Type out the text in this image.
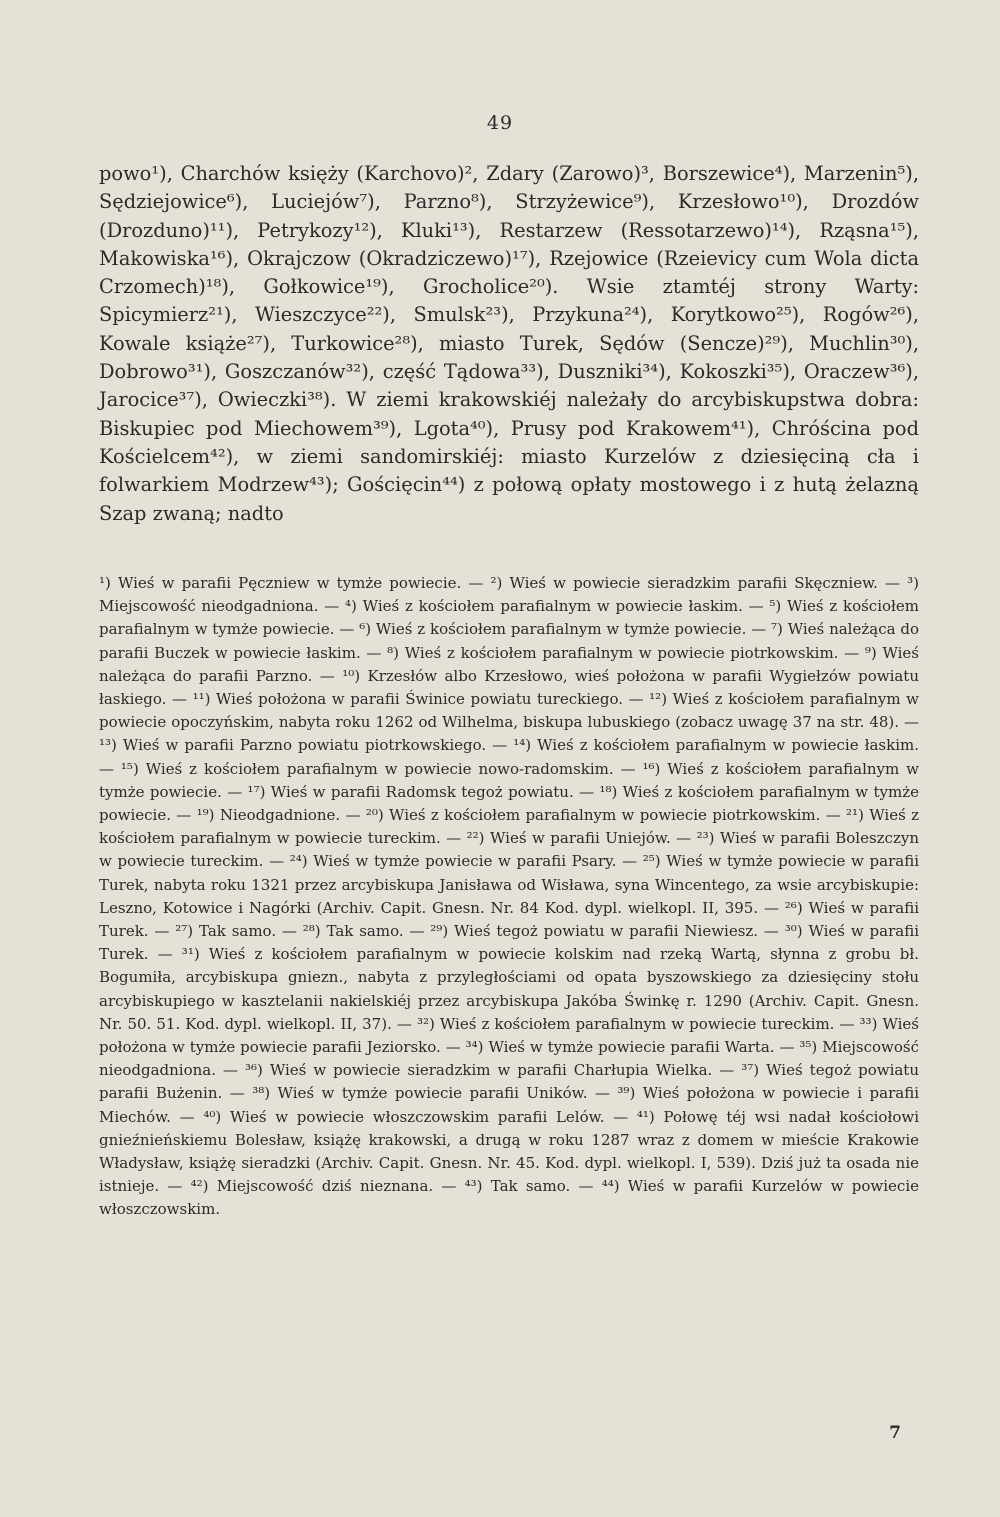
49

powo¹), Charchów księży (Karchovo)², Zdary (Zarowo)³, Borszewice⁴), Marzenin⁵), Sędziejowice⁶), Luciejów⁷), Parzno⁸), Strzyżewice⁹), Krzesłowo¹⁰), Drozdów (Drozduno)¹¹), Petrykozy¹²), Kluki¹³), Restarzew (Ressotarzewo)¹⁴), Rząsna¹⁵), Makowiska¹⁶), Okrajczow (Okradziczewo)¹⁷), Rzejowice (Rzeievicy cum Wola dicta Crzomech)¹⁸), Gołkowice¹⁹), Grocholice²⁰). Wsie ztamtéj strony Warty: Spicymierz²¹), Wieszczyce²²), Smulsk²³), Przykuna²⁴), Korytkowo²⁵), Rogów²⁶), Kowale książe²⁷), Turkowice²⁸), miasto Turek, Sędów (Sencze)²⁹), Muchlin³⁰), Dobrowo³¹), Goszczanów³²), część Tądowa³³), Duszniki³⁴), Kokoszki³⁵), Oraczew³⁶), Jarocice³⁷), Owieczki³⁸). W ziemi krakowskiéj należały do arcybiskupstwa dobra: Biskupiec pod Miechowem³⁹), Lgota⁴⁰), Prusy pod Krakowem⁴¹), Chróścina pod Kościelcem⁴²), w ziemi sandomirskiéj: miasto Kurzelów z dziesięciną cła i folwarkiem Modrzew⁴³); Gościęcin⁴⁴) z połową opłaty mostowego i z hutą żelazną Szap zwaną; nadto

¹) Wieś w parafii Pęczniew w tymże powiecie. — ²) Wieś w powiecie sieradzkim parafii Skęczniew. — ³) Miejscowość nieodgadniona. — ⁴) Wieś z kościołem parafialnym w powiecie łaskim. — ⁵) Wieś z kościołem parafialnym w tymże powiecie. — ⁶) Wieś z kościołem parafialnym w tymże powiecie. — ⁷) Wieś należąca do parafii Buczek w powiecie łaskim. — ⁸) Wieś z kościołem parafialnym w powiecie piotrkowskim. — ⁹) Wieś należąca do parafii Parzno. — ¹⁰) Krzesłów albo Krzesłowo, wieś położona w parafii Wygiełzów powiatu łaskiego. — ¹¹) Wieś położona w parafii Świnice powiatu tureckiego. — ¹²) Wieś z kościołem parafialnym w powiecie opoczyńskim, nabyta roku 1262 od Wilhelma, biskupa lubuskiego (zobacz uwagę 37 na str. 48). — ¹³) Wieś w parafii Parzno powiatu piotrkowskiego. — ¹⁴) Wieś z kościołem parafialnym w powiecie łaskim. — ¹⁵) Wieś z kościołem parafialnym w powiecie nowo-radomskim. — ¹⁶) Wieś z kościołem parafialnym w tymże powiecie. — ¹⁷) Wieś w parafii Radomsk tegoż powiatu. — ¹⁸) Wieś z kościołem parafialnym w tymże powiecie. — ¹⁹) Nieodgadnione. — ²⁰) Wieś z kościołem parafialnym w powiecie piotrkowskim. — ²¹) Wieś z kościołem parafialnym w powiecie tureckim. — ²²) Wieś w parafii Uniejów. — ²³) Wieś w parafii Boleszczyn w powiecie tureckim. — ²⁴) Wieś w tymże powiecie w parafii Psary. — ²⁵) Wieś w tymże powiecie w parafii Turek, nabyta roku 1321 przez arcybiskupa Janisława od Wisława, syna Wincentego, za wsie arcybiskupie: Leszno, Kotowice i Nagórki (Archiv. Capit. Gnesn. Nr. 84 Kod. dypl. wielkopl. II, 395. — ²⁶) Wieś w parafii Turek. — ²⁷) Tak samo. — ²⁸) Tak samo. — ²⁹) Wieś tegoż powiatu w parafii Niewiesz. — ³⁰) Wieś w parafii Turek. — ³¹) Wieś z kościołem parafialnym w powiecie kolskim nad rzeką Wartą, słynna z grobu bł. Bogumiła, arcybiskupa gniezn., nabyta z przyległościami od opata byszowskiego za dziesięciny stołu arcybiskupiego w kasztelanii nakielskiéj przez arcybiskupa Jakóba Świnkę r. 1290 (Archiv. Capit. Gnesn. Nr. 50. 51. Kod. dypl. wielkopl. II, 37). — ³²) Wieś z kościołem parafialnym w powiecie tureckim. — ³³) Wieś położona w tymże powiecie parafii Jeziorsko. — ³⁴) Wieś w tymże powiecie parafii Warta. — ³⁵) Miejscowość nieodgadniona. — ³⁶) Wieś w powiecie sieradzkim w parafii Charłupia Wielka. — ³⁷) Wieś tegoż powiatu parafii Bużenin. — ³⁸) Wieś w tymże powiecie parafii Uników. — ³⁹) Wieś położona w powiecie i parafii Miechów. — ⁴⁰) Wieś w powiecie włoszczowskim parafii Lelów. — ⁴¹) Połowę téj wsi nadał kościołowi gnieźnieńskiemu Bolesław, książę krakowski, a drugą w roku 1287 wraz z domem w mieście Krakowie Władysław, książę sieradzki (Archiv. Capit. Gnesn. Nr. 45. Kod. dypl. wielkopl. I, 539). Dziś już ta osada nie istnieje. — ⁴²) Miejscowość dziś nieznana. — ⁴³) Tak samo. — ⁴⁴) Wieś w parafii Kurzelów w powiecie włoszczowskim.

7
